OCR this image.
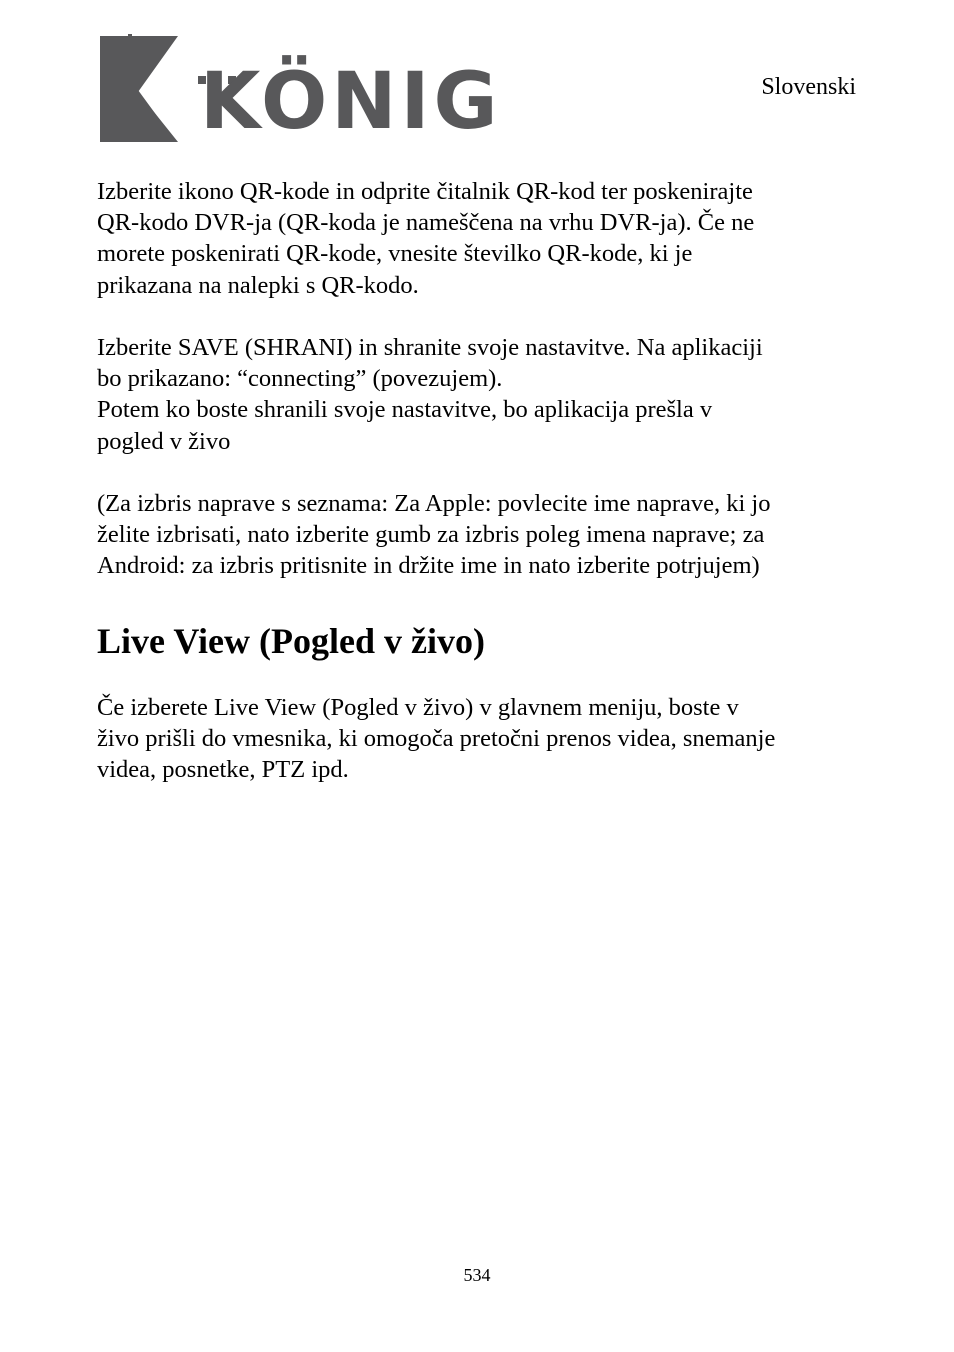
KÖNIG	Slovenski

Izberite ikono QR-kode in odprite čitalnik QR-kod ter poskenirajte
QR-kodo DVR-ja (QR-koda je nameščena na vrhu DVR-ja). Če ne
morete poskenirati QR-kode, vnesite številko QR-kode, ki je
prikazana na nalepki s QR-kodo.

Izberite SAVE (SHRANI) in shranite svoje nastavitve. Na aplikaciji
bo prikazano: “connecting” (povezujem).
Potem ko boste shranili svoje nastavitve, bo aplikacija prešla v
pogled v živo

(Za izbris naprave s seznama: Za Apple: povlecite ime naprave, ki jo
želite izbrisati, nato izberite gumb za izbris poleg imena naprave; za
Android: za izbris pritisnite in držite ime in nato izberite potrjujem)

Live View (Pogled v živo)

Če izberete Live View (Pogled v živo) v glavnem meniju, boste v
živo prišli do vmesnika, ki omogoča pretočni prenos videa, snemanje
videa, posnetke, PTZ ipd.

534
